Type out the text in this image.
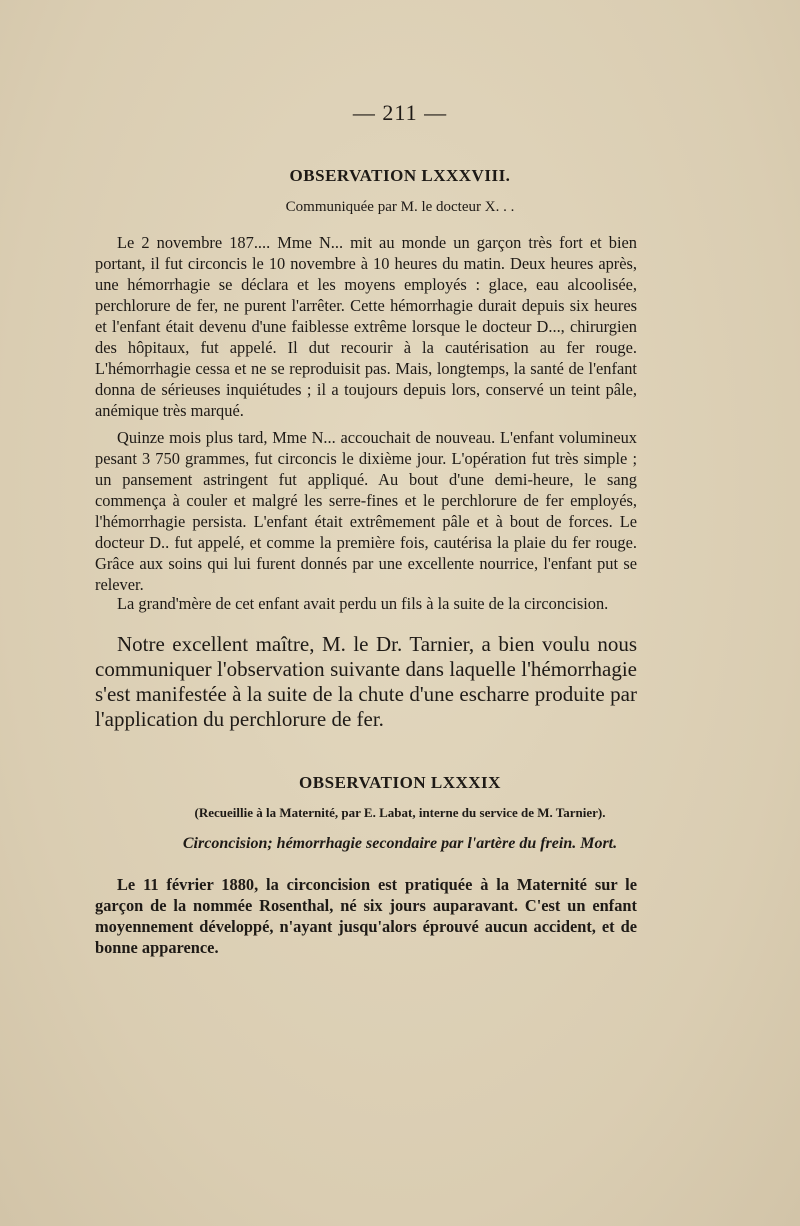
— 211 —
OBSERVATION LXXXVIII.
Communiquée par M. le docteur X. . .

Le 2 novembre 187.... Mme N... mit au monde un garçon très fort et bien portant, il fut circoncis le 10 novembre à 10 heures du matin. Deux heures après, une hémorrhagie se déclara et les moyens employés : glace, eau alcoolisée, perchlorure de fer, ne purent l'arrêter. Cette hémorrhagie durait depuis six heures et l'enfant était devenu d'une faiblesse extrême lorsque le docteur D..., chirurgien des hôpitaux, fut appelé. Il dut recourir à la cautérisation au fer rouge. L'hémorrhagie cessa et ne se reproduisit pas. Mais, longtemps, la santé de l'enfant donna de sérieuses inquiétudes ; il a toujours depuis lors, conservé un teint pâle, anémique très marqué.

Quinze mois plus tard, Mme N... accouchait de nouveau. L'enfant volumineux pesant 3 750 grammes, fut circoncis le dixième jour. L'opération fut très simple ; un pansement astringent fut appliqué. Au bout d'une demi-heure, le sang commença à couler et malgré les serre-fines et le perchlorure de fer employés, l'hémorrhagie persista. L'enfant était extrêmement pâle et à bout de forces. Le docteur D.. fut appelé, et comme la première fois, cautérisa la plaie du fer rouge. Grâce aux soins qui lui furent donnés par une excellente nourrice, l'enfant put se relever.

La grand'mère de cet enfant avait perdu un fils à la suite de la circoncision.

Notre excellent maître, M. le Dr. Tarnier, a bien voulu nous communiquer l'observation suivante dans laquelle l'hémorrhagie s'est manifestée à la suite de la chute d'une escharre produite par l'application du perchlorure de fer.

OBSERVATION LXXXIX
(Recueillie à la Maternité, par E. Labat, interne du service de M. Tarnier).
Circoncision; hémorrhagie secondaire par l'artère du frein. Mort.

Le 11 février 1880, la circoncision est pratiquée à la Maternité sur le garçon de la nommée Rosenthal, né six jours auparavant. C'est un enfant moyennement développé, n'ayant jusqu'alors éprouvé aucun accident, et de bonne apparence.
